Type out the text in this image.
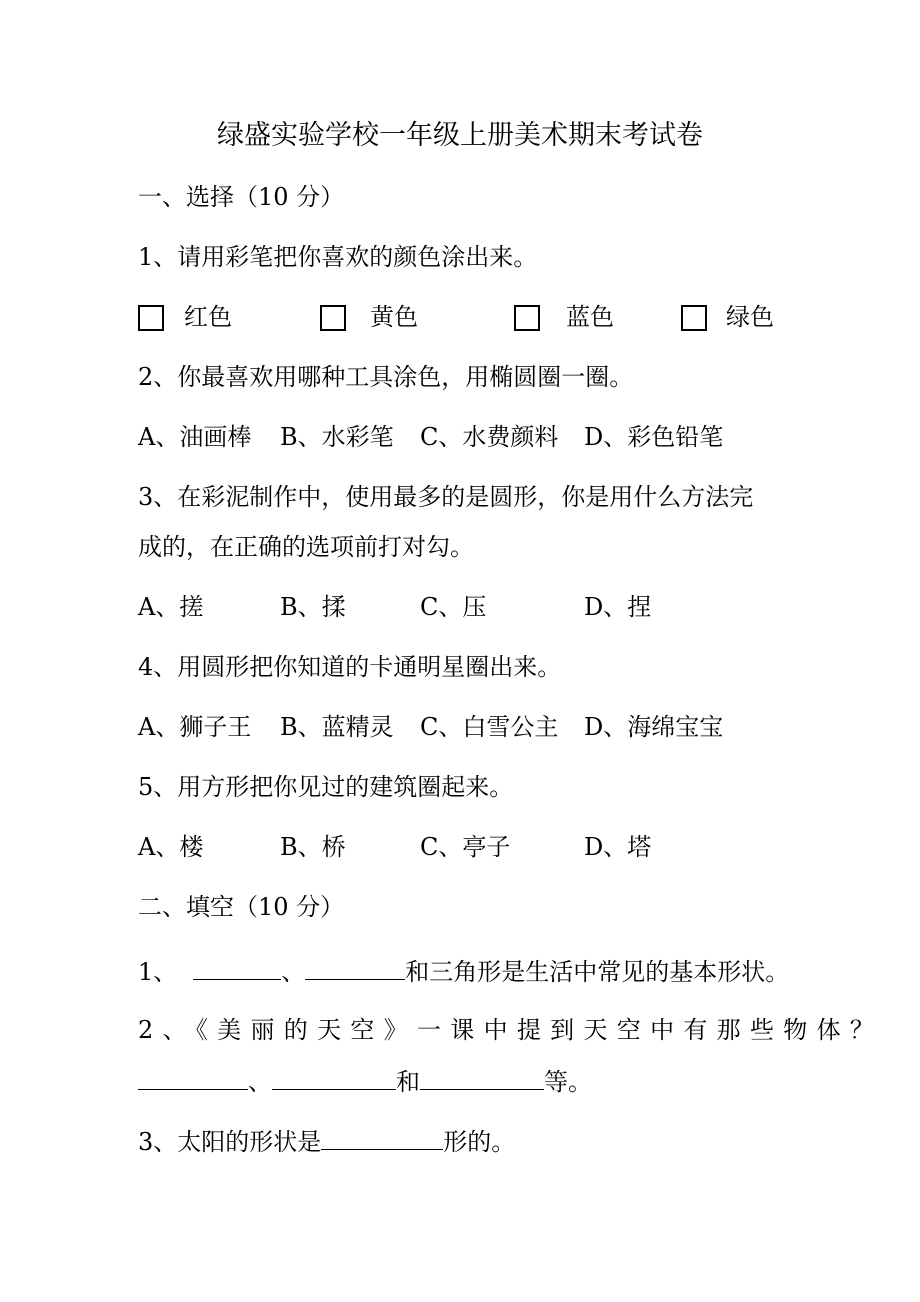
绿盛实验学校一年级上册美术期末考试卷
一、选择（10 分）
1、请用彩笔把你喜欢的颜色涂出来。
红色	黄色	蓝色	绿色
2、你最喜欢用哪种工具涂色，用椭圆圈一圈。
A、油画棒 B、水彩笔 C、水费颜料 D、彩色铅笔
3、在彩泥制作中，使用最多的是圆形，你是用什么方法完
成的，在正确的选项前打对勾。
A、搓	B、揉	C、压	D、捏
4、用圆形把你知道的卡通明星圈出来。
A、狮子王 B、蓝精灵 C、白雪公主 D、海绵宝宝
5、用方形把你见过的建筑圈起来。
A、楼	B、桥	C、亭子	D、塔
二、填空（10 分）
1、	、	和三角形是生活中常见的基本形状。
2、《美丽的天空》一课中提到天空中有那些物体？
、	和	等。
3、太阳的形状是	形的。
